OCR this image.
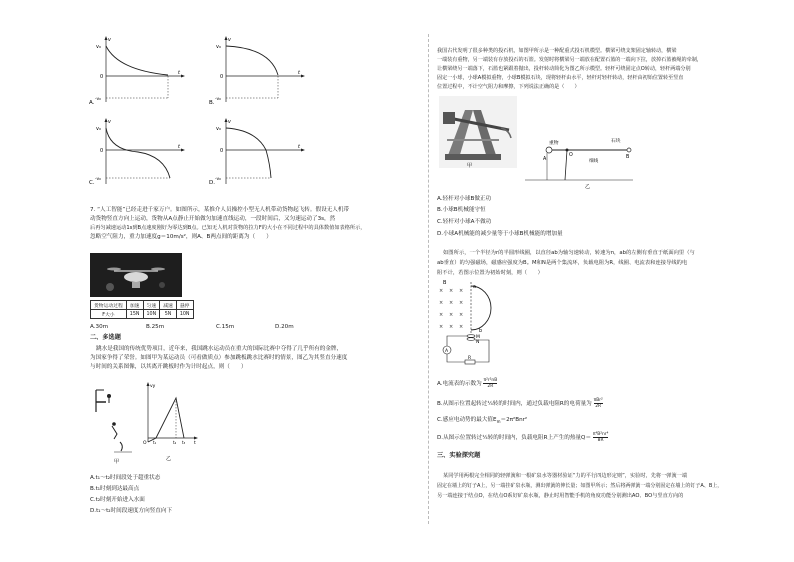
v
v₀
0
t
-v₀
A.
v
v₀
0
t
-v₀
B.
v
v₀
0
t
-v₀
C.
v
v₀
0
t
-v₀
D.
7. “人工智能”已经走进千家万户。如图所示，某推介人员操控小型无人机带动货物起飞转。假设无人机带
动货物竖直方向上运动，货物从A点静止开始做匀加速直线运动，一段时间后，又匀速运动了3s，然
后再匀减速运动1s到B点速度刚好为零达到B点。已知无人机对货物的拉力F的大小在不同过程中的具体数值如表格所示，
忽略空气阻力，重力加速度g＝10m/s²，则A、B两点间的距离为（　　）
货物运动过程	加速	匀速	减速	悬停
F大小	15N	10N	5N	10N
A.30m	B.25m	C.15m	D.20m
二、多选题
跳水是我国的传统优势项目，近年来，我国跳水运动员在重大的国际比赛中夺得了几乎所有的金牌，
为国家争得了荣誉。如图甲为某运动员（可看做质点）参加跳板跳水比赛时的情景，图乙为其竖直分速度
与时间的关系图像，以其离开跳板时作为计时起点，则（　　）
甲
vy
O t₁	t₂ t₃ t
乙
A.t₁～t₂时间段处于超重状态
B.t₁时刻到达最高点
C.t₂时刻开始进入水面
D.t₁～t₂时间段速度方向竖直向下
我国古代发明了很多种类的投石机，如图甲所示是一种配重式投石机模型。横梁可绕支架固定轴转动，横梁
一端装有重物，另一端装有存放投石的石篮。发射时将横梁另一端放在配置石篮的一端向下拉，放掉石篮被绳的牵制，
让横梁绕另一端落下，石篮也紧跟着抛出，投杆转动简化为图乙所示模型。轻杆可绕固定点O转动，轻杆两端分别
固定一小球，小球A模拟重物，小球B模拟石块，现将轻杆由水平，轻杆对轻杆转动，轻杆由初始位置转至竖直
位置过程中，不计空气阻力和摩擦，下列说法正确的是（　　）
甲
重物	石块
A
O	B
细线
乙
A.轻杆对小球B做正功
B.小球B机械能守恒
C.轻杆对小球A不做功
D.小球A机械能的减少量等于小球B机械能的增加量
如图所示，一个半径为r的半圆形线圈，以直径ab为轴匀速转动，转速为n，ab的左侧有垂直于纸面向里（与
ab垂直）的匀强磁场，磁感应强度为B。M和N是两个集流环，负载电阻为R，线圈、电流表和连接导线的电
阻不计，若图示位置为初始时刻，则（　　）
× × ×
× × ×
× × ×
× × ×
B
a
b
M
N
A
R
A.电流表的示数为 $\frac{\text{π²r²nB}}{2R}$
B.从图示位置起转过¼转的时间内，通过负载电阻R的电荷量为
πBr²
2R
C.感应电动势的最大值$E_m=2\pi^2Bnr^2$
D.从图示位置转过¼转的时间内，负载电阻R上产生的热量$Q= \frac{\text{π⁴B²nr⁴}}{8R}$
三、实验探究题
某同学用两根完全相同的轻弹簧和一根矿泉水等器材验证“力的平行四边形定则”，实验时，先将一弹簧一端
固定在墙上的钉子A上，另一端挂矿泉水瓶，测出弹簧的伸长量；如图甲所示；然后将两弹簧一端分别固定在墙上的钉子A、B上，
另一端连接于结点O，在结点O系好矿泉水瓶，静止时用智能手机的角度功能分别测出AO、BO与竖直方向的
